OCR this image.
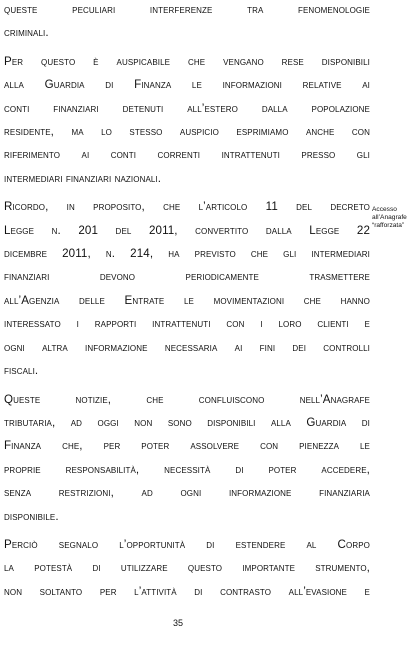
queste peculiari interferenze tra fenomenologie
criminali.

Per questo è auspicabile che vengano rese disponibili
alla Guardia di Finanza le informazioni relative ai
conti finanziari detenuti all’estero dalla popolazione
residente, ma lo stesso auspicio esprimiamo anche con
riferimento ai conti correnti intrattenuti presso gli
intermediari finanziari nazionali.

Ricordo, in proposito, che l’articolo 11 del decreto
Legge n. 201 del 2011, convertito dalla Legge 22
dicembre 2011, n. 214, ha previsto che gli intermediari
finanziari devono periodicamente trasmettere
all’Agenzia delle Entrate le movimentazioni che hanno
interessato i rapporti intrattenuti con i loro clienti e
ogni altra informazione necessaria ai fini dei controlli
fiscali.

Queste notizie, che confluiscono nell’Anagrafe
tributaria, ad oggi non sono disponibili alla Guardia di
Finanza che, per poter assolvere con pienezza le
proprie responsabilità, necessità di poter accedere,
senza restrizioni, ad ogni informazione finanziaria
disponibile.

Perciò segnalo l’opportunità di estendere al Corpo
la potestà di utilizzare questo importante strumento,
non soltanto per l’attività di contrasto all’evasione e

Accesso
all’Anagrafe
“rafforzata”
35
